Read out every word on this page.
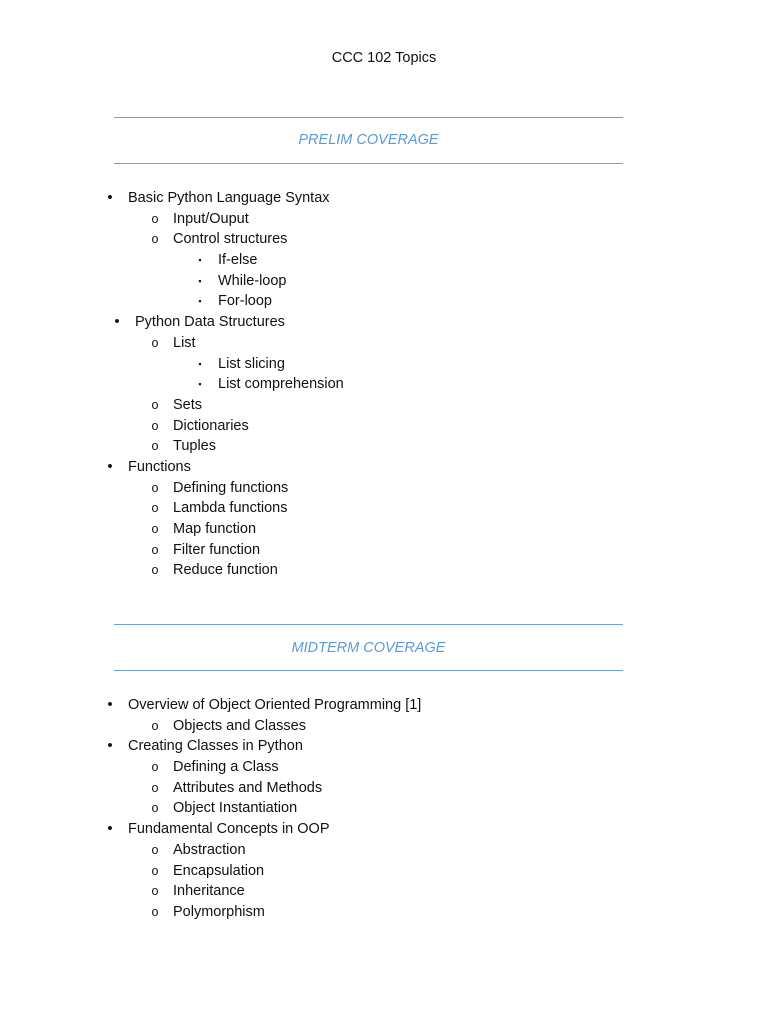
CCC 102 Topics
PRELIM COVERAGE
•	Basic Python Language Syntax
o Input/Ouput
o Control structures
▪	If-else
▪	While-loop
▪	For-loop
•	Python Data Structures
o List
▪	List slicing
▪	List comprehension
o Sets
o Dictionaries
o Tuples
•	Functions
o Defining functions
o Lambda functions
o Map function
o Filter function
o Reduce function
MIDTERM COVERAGE
•	Overview of Object Oriented Programming [1]
o Objects and Classes
•	Creating Classes in Python
o Defining a Class
o Attributes and Methods
o Object Instantiation
•	Fundamental Concepts in OOP
o Abstraction
o Encapsulation
o Inheritance
o Polymorphism
